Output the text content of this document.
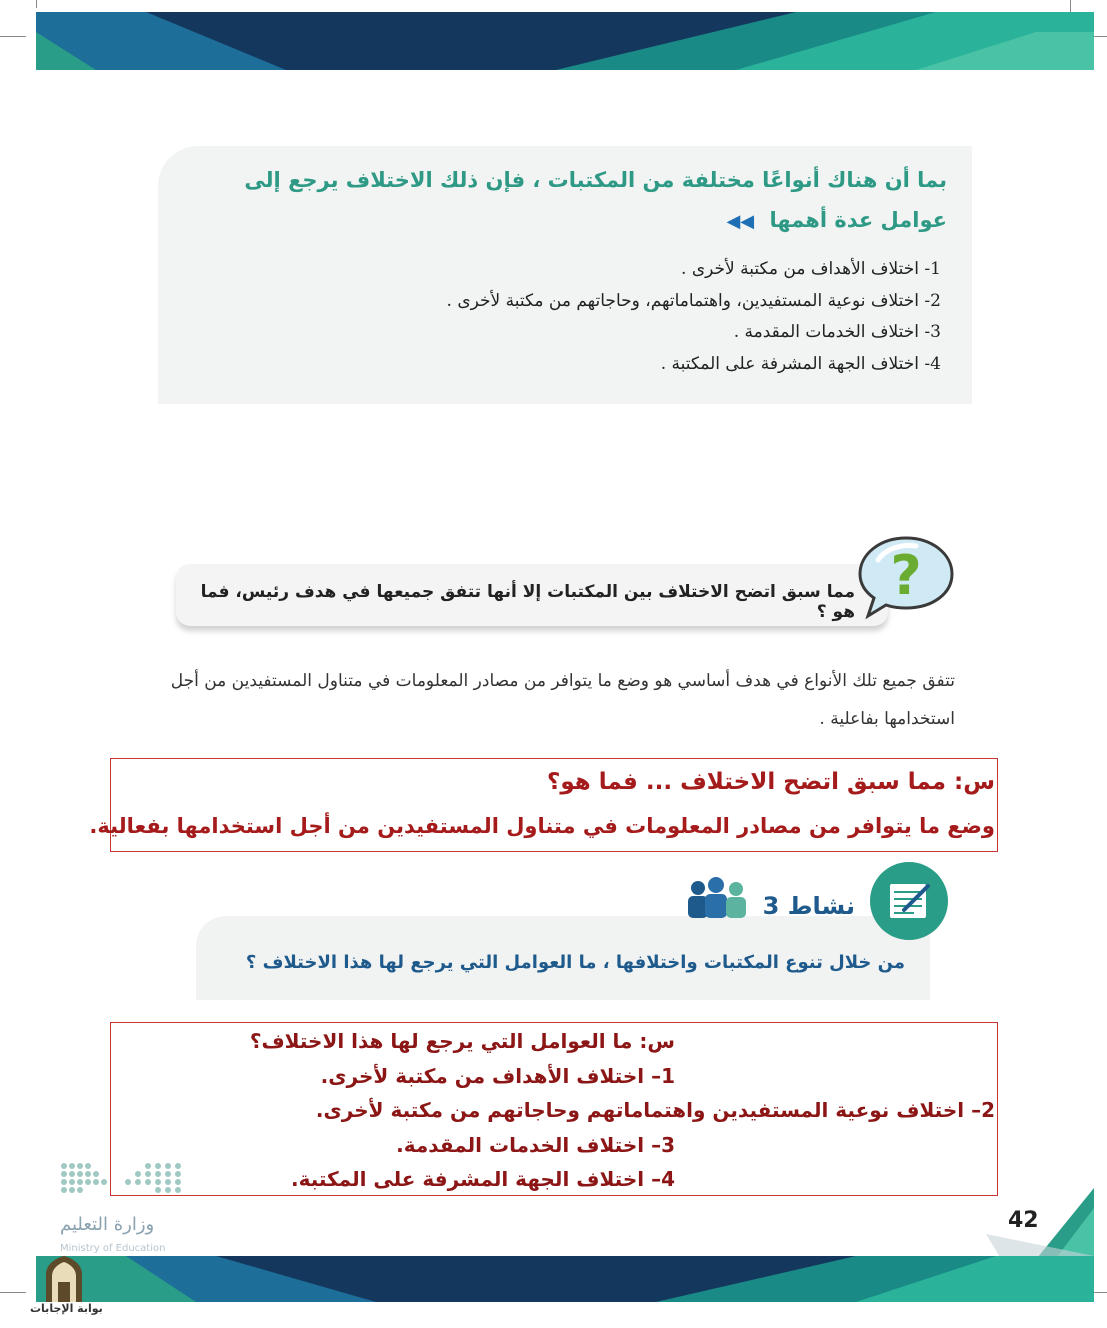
بما أن هناك أنواعًا مختلفة من المكتبات ، فإن ذلك الاختلاف يرجع إلى عوامل عدة أهمها ◀◀
1- اختلاف الأهداف من مكتبة لأخرى .
2- اختلاف نوعية المستفيدين، واهتماماتهم، وحاجاتهم من مكتبة لأخرى .
3- اختلاف الخدمات المقدمة .
4- اختلاف الجهة المشرفة على المكتبة .
مما سبق اتضح الاختلاف بين المكتبات إلا أنها تتفق جميعها في هدف رئيس، فما هو ؟
?
تتفق جميع تلك الأنواع في هدف أساسي هو وضع ما يتوافر من مصادر المعلومات في متناول المستفيدين من أجل استخدامها بفاعلية .
س: مما سبق اتضح الاختلاف ... فما هو؟
وضع ما يتوافر من مصادر المعلومات في متناول المستفيدين من أجل استخدامها بفعالية.
نشاط 3
من خلال تنوع المكتبات واختلافها ، ما العوامل التي يرجع لها هذا الاختلاف ؟
س: ما العوامل التي يرجع لها هذا الاختلاف؟
1– اختلاف الأهداف من مكتبة لأخرى.
2– اختلاف نوعية المستفيدين واهتماماتهم وحاجاتهم من مكتبة لأخرى.
3– اختلاف الخدمات المقدمة.
4– اختلاف الجهة المشرفة على المكتبة.
وزارة التعليم
Ministry of Education
42
بوابة الإجابات
